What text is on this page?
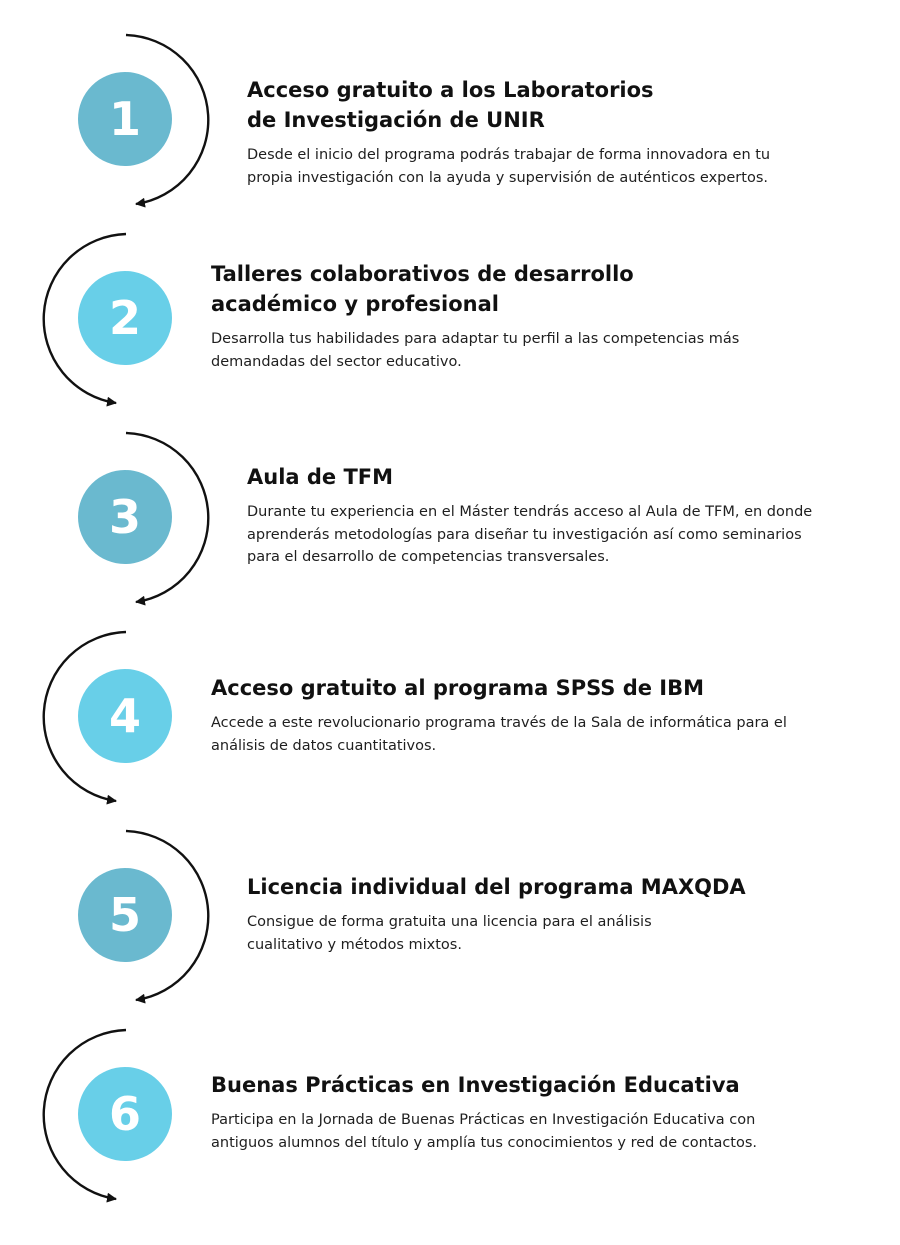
1

Acceso gratuito a los Laboratorios
de Investigación de UNIR

Desde el inicio del programa podrás trabajar de forma innovadora en tu
propia investigación con la ayuda y supervisión de auténticos expertos.

2

Talleres colaborativos de desarrollo
académico y profesional

Desarrolla tus habilidades para adaptar tu perfil a las competencias más
demandadas del sector educativo.

3

Aula de TFM

Durante tu experiencia en el Máster tendrás acceso al Aula de TFM, en donde
aprenderás metodologías para diseñar tu investigación así como seminarios
para el desarrollo de competencias transversales.

4

Acceso gratuito al programa SPSS de IBM

Accede a este revolucionario programa través de la Sala de informática para el
análisis de datos cuantitativos.

5

Licencia individual del programa MAXQDA

Consigue de forma gratuita una licencia para el análisis
cualitativo y métodos mixtos.

6

Buenas Prácticas en Investigación Educativa

Participa en la Jornada de Buenas Prácticas en Investigación Educativa con
antiguos alumnos del título y amplía tus conocimientos y red de contactos.
